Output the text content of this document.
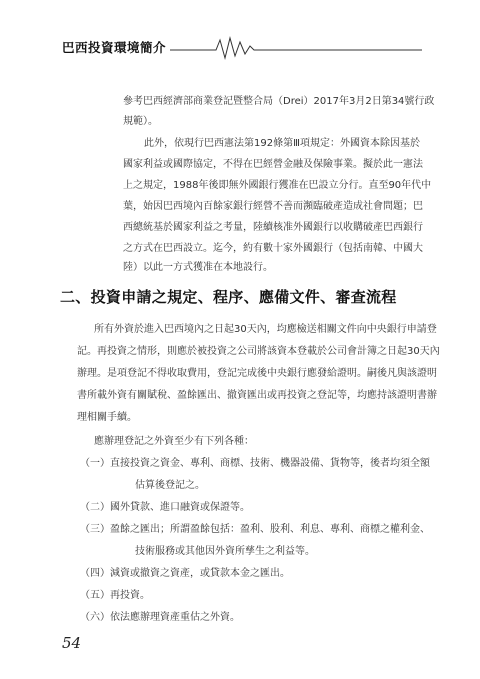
巴西投資環境簡介
參考巴西經濟部商業登記暨整合局（Drei）2017年3月2日第34號行政
規範）。
此外，依現行巴西憲法第192條第Ⅲ項規定：外國資本除因基於
國家利益或國際協定，不得在巴經營金融及保險事業。擬於此一憲法
上之規定，1988年後即無外國銀行獲准在巴設立分行。直至90年代中
葉，始因巴西境內百餘家銀行經營不善而瀕臨破產造成社會問題；巴
西總統基於國家利益之考量，陸續核准外國銀行以收購破產巴西銀行
之方式在巴西設立。迄今，約有數十家外國銀行（包括南韓、中國大
陸）以此一方式獲准在本地設行。
二、投資申請之規定、程序、應備文件、審查流程
所有外資於進入巴西境內之日起30天內，均應檢送相關文件向中央銀行申請登
記。再投資之情形，則應於被投資之公司將該資本登載於公司會計簿之日起30天內
辦理。是項登記不得收取費用，登記完成後中央銀行應發給證明。嗣後凡與該證明
書所載外資有關賦稅、盈餘匯出、撤資匯出或再投資之登記等，均應持該證明書辦
理相關手續。
應辦理登記之外資至少有下列各種：
（一）直接投資之資金、專利、商標、技術、機器設備、貨物等，後者均須全額
估算後登記之。
（二）國外貸款、進口融資或保證等。
（三）盈餘之匯出；所謂盈餘包括：盈利、股利、利息、專利、商標之權利金、
技術服務或其他因外資所孳生之利益等。
（四）減資或撤資之資產，或貸款本金之匯出。
（五）再投資。
（六）依法應辦理資產重估之外資。
54
